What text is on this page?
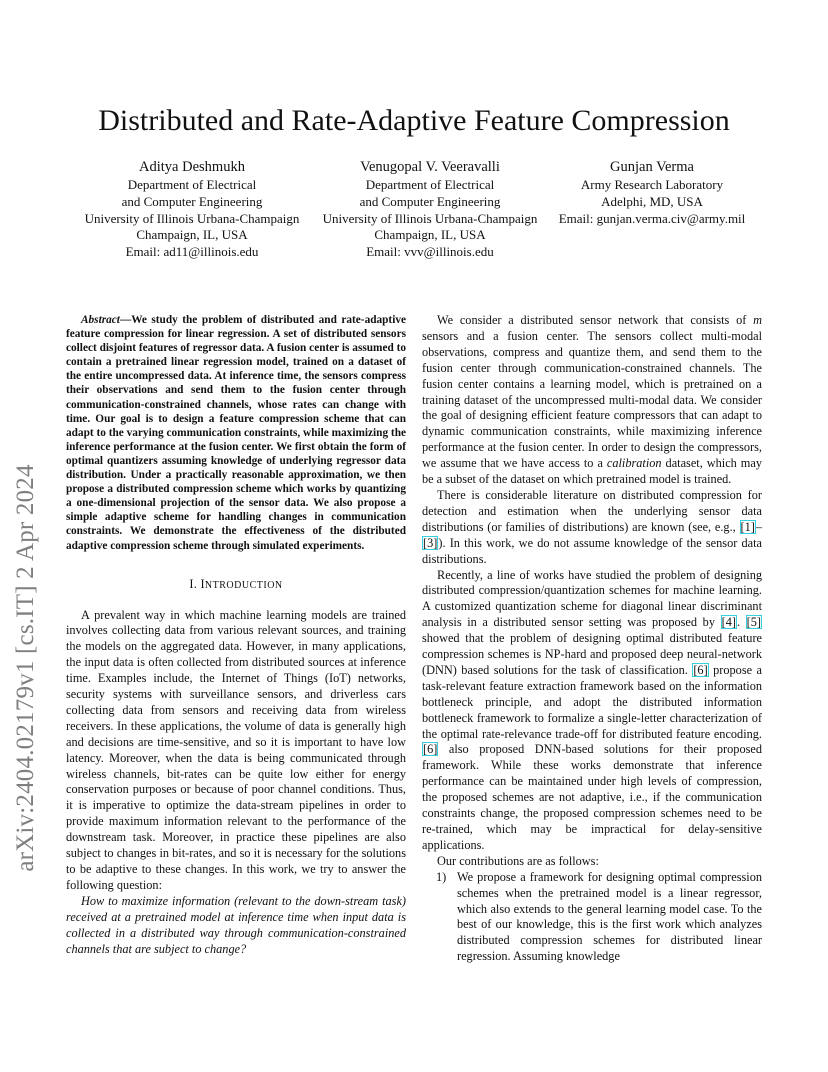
Distributed and Rate-Adaptive Feature Compression
Aditya Deshmukh
Department of Electrical
and Computer Engineering
University of Illinois Urbana-Champaign
Champaign, IL, USA
Email: ad11@illinois.edu
Venugopal V. Veeravalli
Department of Electrical
and Computer Engineering
University of Illinois Urbana-Champaign
Champaign, IL, USA
Email: vvv@illinois.edu
Gunjan Verma
Army Research Laboratory
Adelphi, MD, USA
Email: gunjan.verma.civ@army.mil
arXiv:2404.02179v1 [cs.IT] 2 Apr 2024

Abstract—We study the problem of distributed and rate-adaptive feature compression for linear regression. A set of distributed sensors collect disjoint features of regressor data. A fusion center is assumed to contain a pretrained linear regression model, trained on a dataset of the entire uncompressed data. At inference time, the sensors compress their observations and send them to the fusion center through communication-constrained channels, whose rates can change with time. Our goal is to design a feature compression scheme that can adapt to the varying communication constraints, while maximizing the inference performance at the fusion center. We first obtain the form of optimal quantizers assuming knowledge of underlying regressor data distribution. Under a practically reasonable approximation, we then propose a distributed compression scheme which works by quantizing a one-dimensional projection of the sensor data. We also propose a simple adaptive scheme for handling changes in communication constraints. We demonstrate the effectiveness of the distributed adaptive compression scheme through simulated experiments.

I. INTRODUCTION

A prevalent way in which machine learning models are trained involves collecting data from various relevant sources, and training the models on the aggregated data. However, in many applications, the input data is often collected from distributed sources at inference time. Examples include, the Internet of Things (IoT) networks, security systems with surveillance sensors, and driverless cars collecting data from sensors and receiving data from wireless receivers. In these applications, the volume of data is generally high and decisions are time-sensitive, and so it is important to have low latency. Moreover, when the data is being communicated through wireless channels, bit-rates can be quite low either for energy conservation purposes or because of poor channel conditions. Thus, it is imperative to optimize the data-stream pipelines in order to provide maximum information relevant to the performance of the downstream task. Moreover, in practice these pipelines are also subject to changes in bit-rates, and so it is necessary for the solutions to be adaptive to these changes. In this work, we try to answer the following question:

How to maximize information (relevant to the down-stream task) received at a pretrained model at inference time when input data is collected in a distributed way through communication-constrained channels that are subject to change?

We consider a distributed sensor network that consists of m sensors and a fusion center. The sensors collect multi-modal observations, compress and quantize them, and send them to the fusion center through communication-constrained channels. The fusion center contains a learning model, which is pretrained on a training dataset of the uncompressed multi-modal data. We consider the goal of designing efficient feature compressors that can adapt to dynamic communication constraints, while maximizing inference performance at the fusion center. In order to design the compressors, we assume that we have access to a calibration dataset, which may be a subset of the dataset on which pretrained model is trained.

There is considerable literature on distributed compression for detection and estimation when the underlying sensor data distributions (or families of distributions) are known (see, e.g., [1]–[3]). In this work, we do not assume knowledge of the sensor data distributions.

Recently, a line of works have studied the problem of designing distributed compression/quantization schemes for machine learning. A customized quantization scheme for diagonal linear discriminant analysis in a distributed sensor setting was proposed by [4]. [5] showed that the problem of designing optimal distributed feature compression schemes is NP-hard and proposed deep neural-network (DNN) based solutions for the task of classification. [6] propose a task-relevant feature extraction framework based on the information bottleneck principle, and adopt the distributed information bottleneck framework to formalize a single-letter characterization of the optimal rate-relevance trade-off for distributed feature encoding. [6] also proposed DNN-based solutions for their proposed framework. While these works demonstrate that inference performance can be maintained under high levels of compression, the proposed schemes are not adaptive, i.e., if the communication constraints change, the proposed compression schemes need to be re-trained, which may be impractical for delay-sensitive applications.

Our contributions are as follows:

1) We propose a framework for designing optimal compression schemes when the pretrained model is a linear regressor, which also extends to the general learning model case. To the best of our knowledge, this is the first work which analyzes distributed compression schemes for distributed linear regression. Assuming knowledge
